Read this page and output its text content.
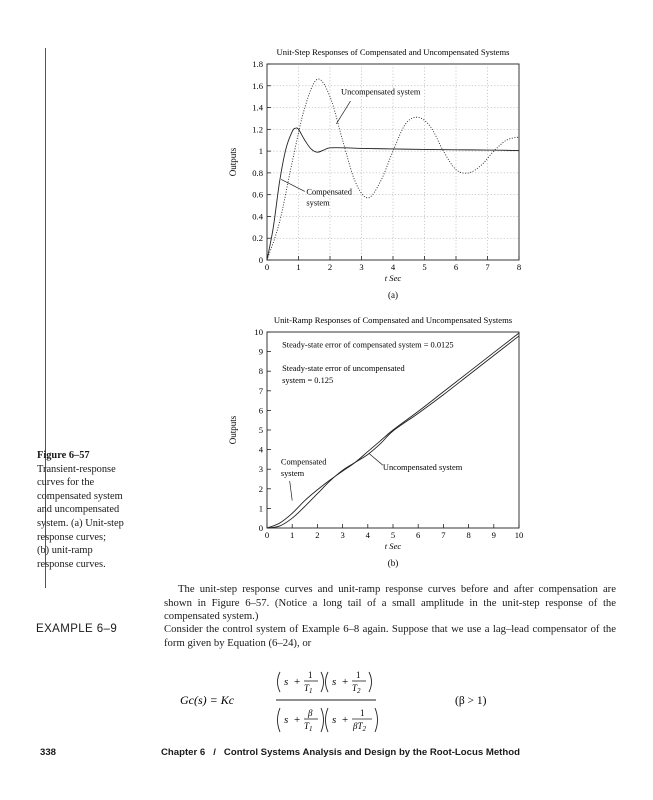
Unit-Step Responses of Compensated and Uncompensated Systems
0	1	2	3	4	5	6	7	8
0
0.2
0.4
0.6
0.8
1
1.2
1.4
1.6
1.8
t Sec
Outputs
(a)
Uncompensated system
Compensated
system
Unit-Ramp Responses of Compensated and Uncompensated Systems
0 1 2 3 4 5 6 7 8 9 10
0
1
2
3
4
5
6
7
8
9
10
t Sec
Outputs
(b)
Steady-state error of compensated system = 0.0125
Steady-state error of uncompensated
system = 0.125
Compensated
system
Uncompensated system
Figure 6–57
Transient-response
curves for the
compensated system
and uncompensated
system. (a) Unit-step
response curves;
(b) unit-ramp
response curves.
The unit-step response curves and unit-ramp response curves before and after compensation are shown in Figure 6–57. (Notice a long tail of a small amplitude in the unit-step response of the compensated system.)
EXAMPLE 6–9	Consider the control system of Example 6–8 again. Suppose that we use a lag–lead compensator of the form given by Equation (6–24), or
Gc(s) = Kc
s +
1
$T_1$
s +
1
$T_2$
s +
β
$T_1$
s +
1
$\beta T_2$
(β > 1)
338	Chapter 6   /   Control Systems Analysis and Design by the Root-Locus Method
